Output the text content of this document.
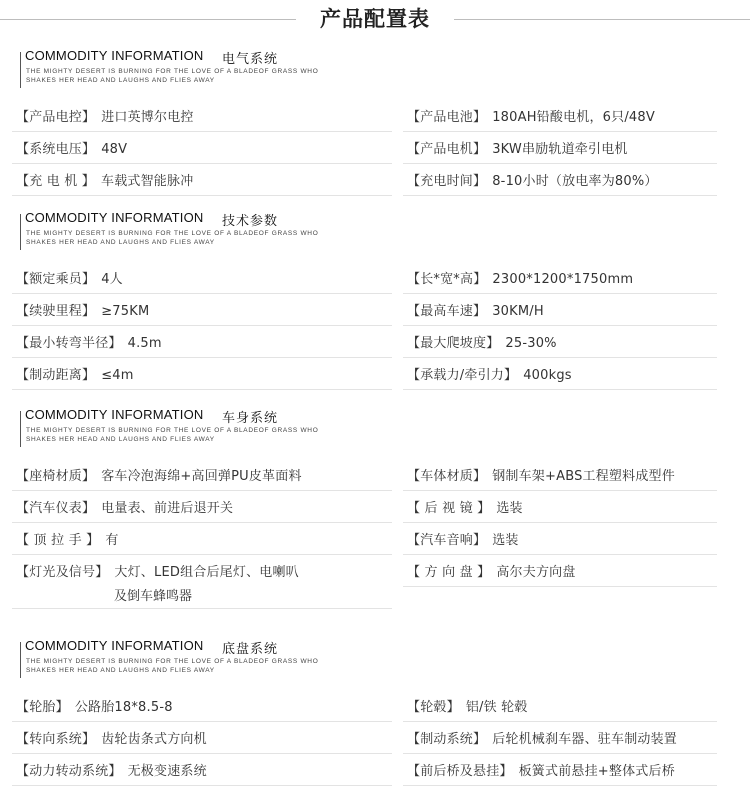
产品配置表
COMMODITY INFORMATION 电气系统
THE MIGHTY DESERT IS BURNING FOR THE LOVE OF A BLADEOF GRASS WHO
SHAKES HER HEAD AND LAUGHS AND FLIES AWAY
【产品电控】 进口英博尔电控
【系统电压】 48V
【充 电 机 】 车载式智能脉冲
【产品电池】 180AH铅酸电机，6只/48V
【产品电机】 3KW串励轨道牵引电机
【充电时间】 8-10小时（放电率为80%）
COMMODITY INFORMATION 技术参数
THE MIGHTY DESERT IS BURNING FOR THE LOVE OF A BLADEOF GRASS WHO
SHAKES HER HEAD AND LAUGHS AND FLIES AWAY
【额定乘员】 4人
【续驶里程】 ≥75KM
【最小转弯半径】 4.5m
【制动距离】 ≤4m
【长*宽*高】 2300*1200*1750mm
【最高车速】 30KM/H
【最大爬坡度】 25-30%
【承载力/牵引力】 400kgs
COMMODITY INFORMATION 车身系统
THE MIGHTY DESERT IS BURNING FOR THE LOVE OF A BLADEOF GRASS WHO
SHAKES HER HEAD AND LAUGHS AND FLIES AWAY
【座椅材质】 客车冷泡海绵+高回弹PU皮革面料
【汽车仪表】 电量表、前进后退开关
【 顶 拉 手 】 有
【灯光及信号】 大灯、LED组合后尾灯、电喇叭
及倒车蜂鸣器
【车体材质】 钢制车架+ABS工程塑料成型件
【 后 视 镜 】 选装
【汽车音响】 选装
【 方 向 盘 】 高尔夫方向盘
COMMODITY INFORMATION 底盘系统
THE MIGHTY DESERT IS BURNING FOR THE LOVE OF A BLADEOF GRASS WHO
SHAKES HER HEAD AND LAUGHS AND FLIES AWAY
【轮胎】 公路胎18*8.5-8
【转向系统】 齿轮齿条式方向机
【动力转动系统】 无极变速系统
【轮毂】 铝/铁 轮毂
【制动系统】 后轮机械刹车器、驻车制动装置
【前后桥及悬挂】 板簧式前悬挂+整体式后桥
